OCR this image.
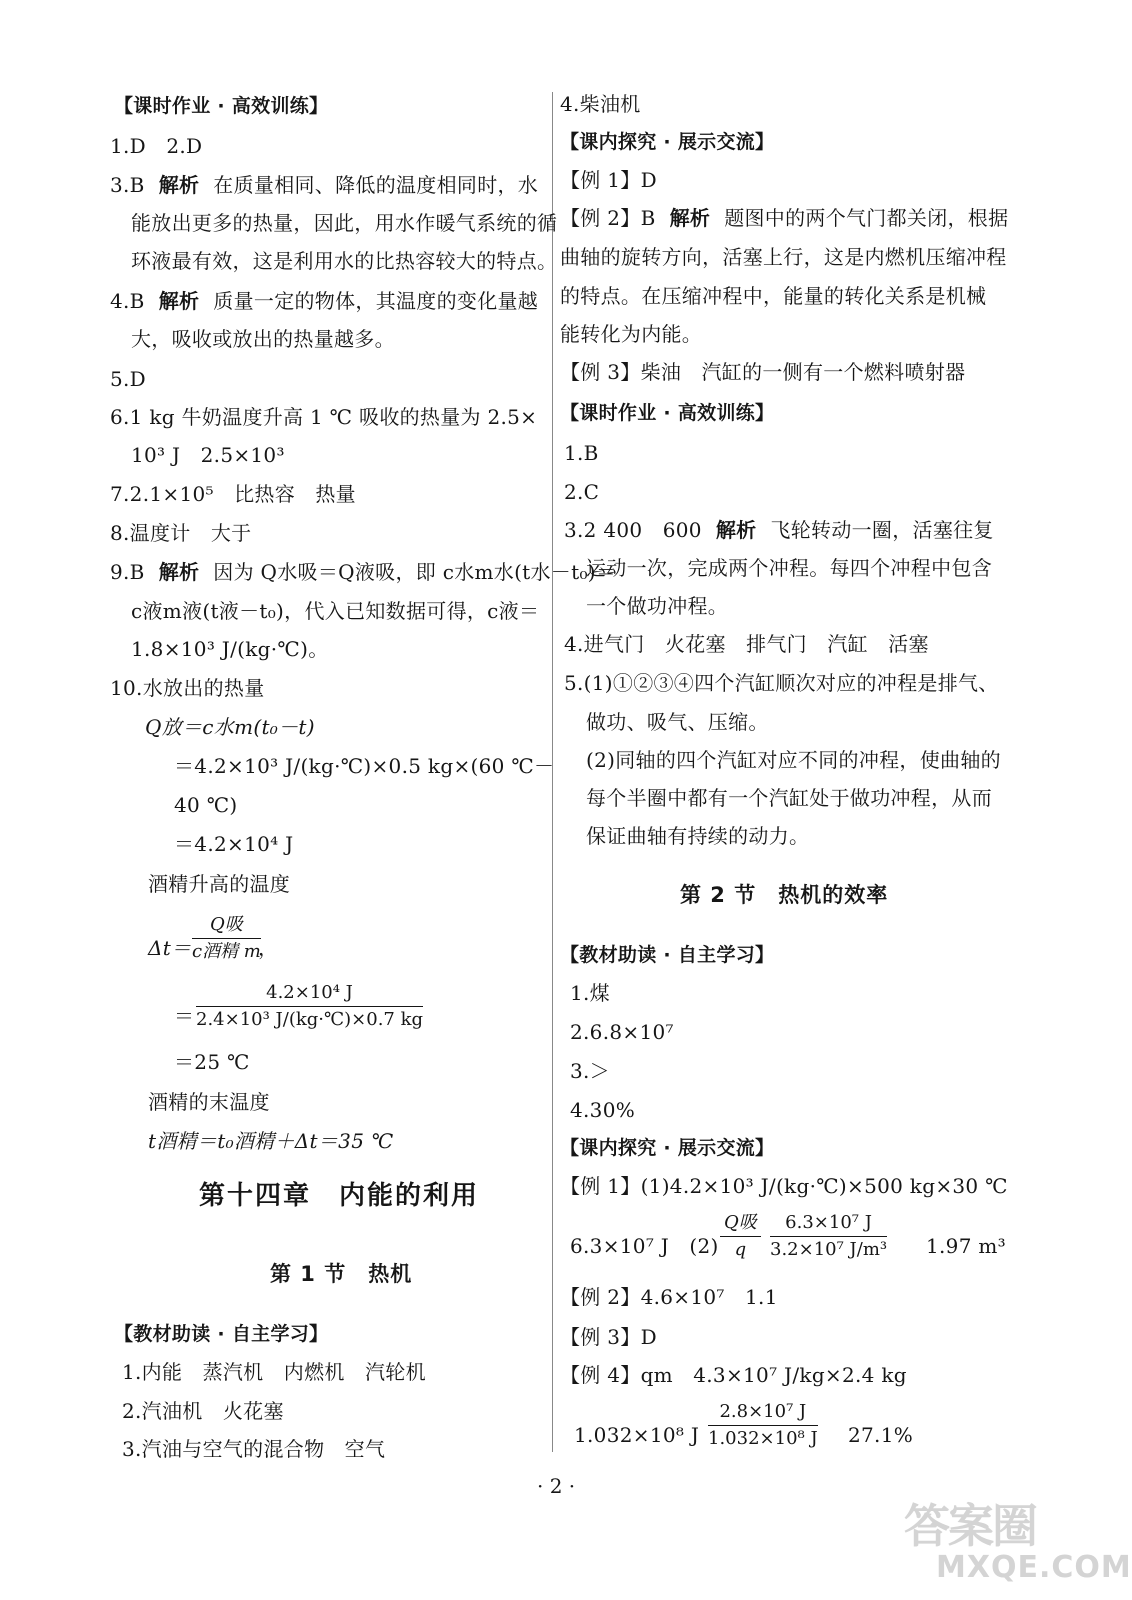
【课时作业 · 高效训练】
1.D　2.D
3.B 解析 在质量相同、降低的温度相同时，水
能放出更多的热量，因此，用水作暖气系统的循
环液最有效，这是利用水的比热容较大的特点。
4.B 解析 质量一定的物体，其温度的变化量越
大，吸收或放出的热量越多。
5.D
6.1 kg 牛奶温度升高 1 ℃ 吸收的热量为 2.5×
10³ J　2.5×10³
7.2.1×10⁵　比热容　热量
8.温度计　大于
9.B 解析 因为 Q水吸＝Q液吸，即 c水m水(t水－t₀)＝
c液m液(t液－t₀)，代入已知数据可得，c液＝
1.8×10³ J/(kg·℃)。
10.水放出的热量
Q放＝c水m(t₀－t)
＝4.2×10³ J/(kg·℃)×0.5 kg×(60 ℃－
40 ℃)
＝4.2×10⁴ J
酒精升高的温度
Δt＝
Q吸
c酒精 m
，
＝
4.2×10⁴ J
2.4×10³ J/(kg·℃)×0.7 kg
＝25 ℃
酒精的末温度
t酒精＝t₀酒精＋Δt＝35 ℃
第十四章　内能的利用
第 1 节　热机
【教材助读 · 自主学习】
1.内能　蒸汽机　内燃机　汽轮机
2.汽油机　火花塞
3.汽油与空气的混合物　空气
4.柴油机
【课内探究 · 展示交流】
【例 1】D
【例 2】B 解析 题图中的两个气门都关闭，根据
曲轴的旋转方向，活塞上行，这是内燃机压缩冲程
的特点。在压缩冲程中，能量的转化关系是机械
能转化为内能。
【例 3】柴油　汽缸的一侧有一个燃料喷射器
【课时作业 · 高效训练】
1.B
2.C
3.2 400　600 解析 飞轮转动一圈，活塞往复
运动一次，完成两个冲程。每四个冲程中包含
一个做功冲程。
4.进气门　火花塞　排气门　汽缸　活塞
5.(1)①②③④四个汽缸顺次对应的冲程是排气、
做功、吸气、压缩。
(2)同轴的四个汽缸对应不同的冲程，使曲轴的
每个半圈中都有一个汽缸处于做功冲程，从而
保证曲轴有持续的动力。
第 2 节　热机的效率
【教材助读 · 自主学习】
1.煤
2.6.8×10⁷
3.＞
4.30%
【课内探究 · 展示交流】
【例 1】(1)4.2×10³ J/(kg·℃)×500 kg×30 ℃
6.3×10⁷ J　(2)
Q吸
q
6.3×10⁷ J
3.2×10⁷ J/m³ 1.97 m³
【例 2】4.6×10⁷　1.1
【例 3】D
【例 4】qm　4.3×10⁷ J/kg×2.4 kg
1.032×10⁸ J
2.8×10⁷ J
1.032×10⁸ J 27.1%
· 2 ·
答案圈
MXQE.COM
